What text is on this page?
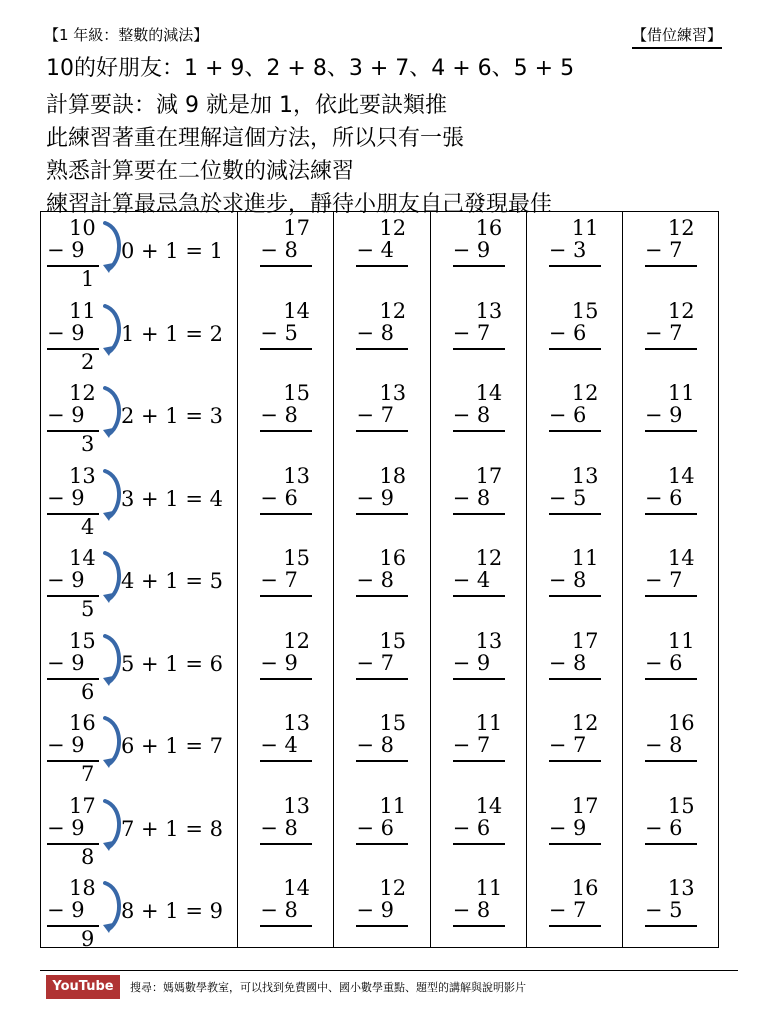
【1 年級：整數的減法】	【借位練習】
10的好朋友：1 + 9、2 + 8、3 + 7、4 + 6、5 + 5
計算要訣：減 9 就是加 1，依此要訣類推
此練習著重在理解這個方法，所以只有一張
熟悉計算要在二位數的減法練習
練習計算最忌急於求進步，靜待小朋友自己發現最佳
10
− 9
1
0 + 1 = 1
11
− 9
2
1 + 1 = 2
12
− 9
3
2 + 1 = 3
13
− 9
4
3 + 1 = 4
14
− 9
5
4 + 1 = 5
15
− 9
6
5 + 1 = 6
16
− 9
7
6 + 1 = 7
17
− 9
8
7 + 1 = 8
18
− 9
9
8 + 1 = 9
17
− 8
14
− 5
15
− 8
13
− 6
15
− 7
12
− 9
13
− 4
13
− 8
14
− 8
12
− 4
12
− 8
13
− 7
18
− 9
16
− 8
15
− 7
15
− 8
11
− 6
12
− 9
16
− 9
13
− 7
14
− 8
17
− 8
12
− 4
13
− 9
11
− 7
14
− 6
11
− 8
11
− 3
15
− 6
12
− 6
13
− 5
11
− 8
17
− 8
12
− 7
17
− 9
16
− 7
12
− 7
12
− 7
11
− 9
14
− 6
14
− 7
11
− 6
16
− 8
15
− 6
13
− 5
YouTube	搜尋：媽媽數學教室，可以找到免費國中、國小數學重點、題型的講解與說明影片
